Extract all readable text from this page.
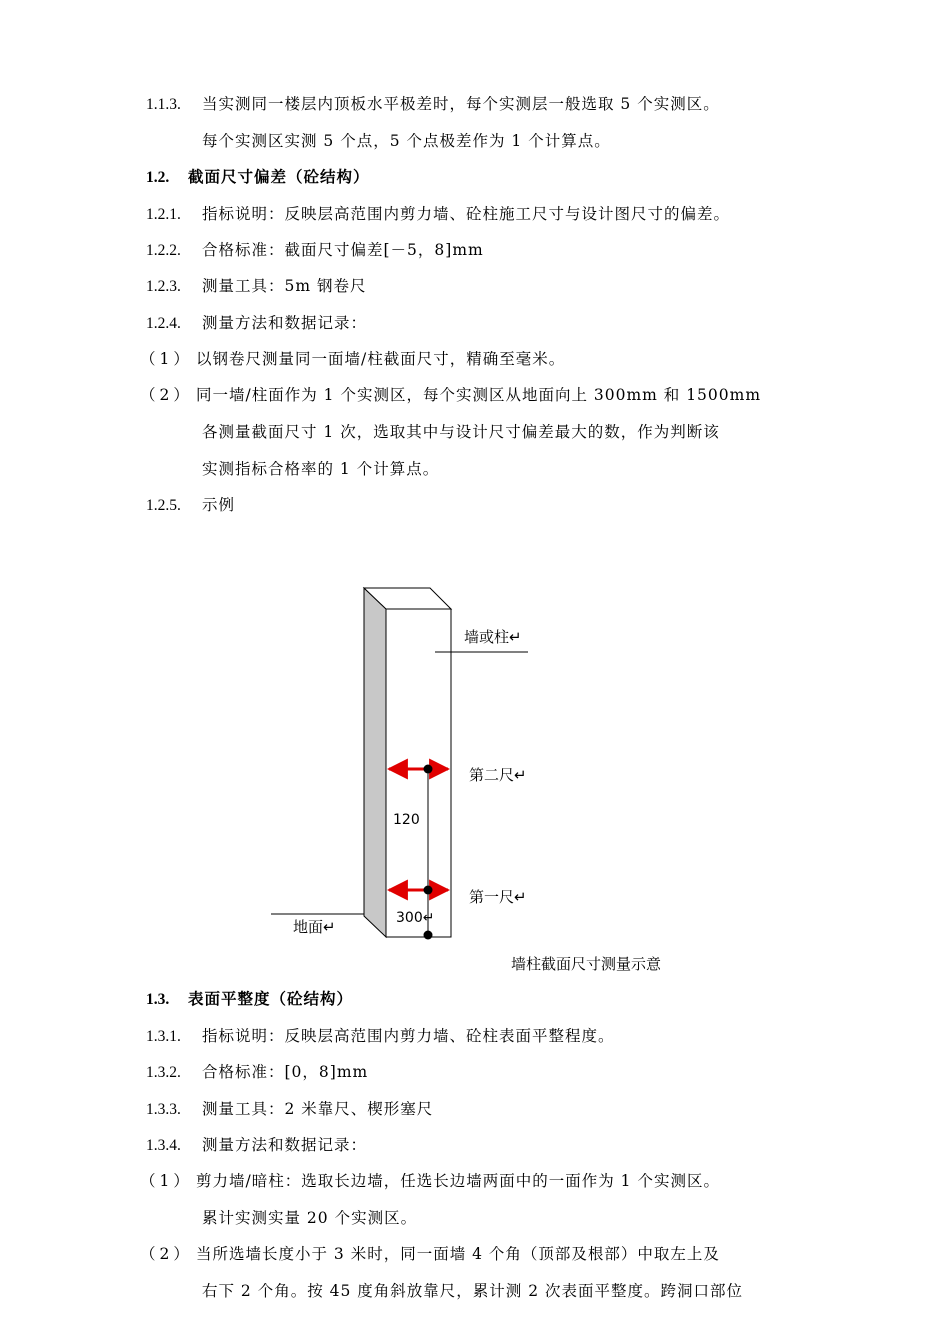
1.1.3. 当实测同一楼层内顶板水平极差时，每个实测层一般选取 5 个实测区。
每个实测区实测 5 个点，5 个点极差作为 1 个计算点。
1.2. 截面尺寸偏差（砼结构）
1.2.1. 指标说明：反映层高范围内剪力墙、砼柱施工尺寸与设计图尺寸的偏差。
1.2.2. 合格标准：截面尺寸偏差[－5，8]mm
1.2.3. 测量工具：5m 钢卷尺
1.2.4. 测量方法和数据记录：
（1） 以钢卷尺测量同一面墙/柱截面尺寸，精确至毫米。
（2） 同一墙/柱面作为 1 个实测区，每个实测区从地面向上 300mm 和 1500mm
各测量截面尺寸 1 次，选取其中与设计尺寸偏差最大的数，作为判断该
实测指标合格率的 1 个计算点。
1.2.5. 示例
墙或柱↵
第二尺↵
第一尺↵
地面↵
120
300↵
墙柱截面尺寸测量示意
1.3. 表面平整度（砼结构）
1.3.1. 指标说明：反映层高范围内剪力墙、砼柱表面平整程度。
1.3.2. 合格标准：[0，8]mm
1.3.3. 测量工具：2 米靠尺、楔形塞尺
1.3.4. 测量方法和数据记录：
（1） 剪力墙/暗柱：选取长边墙，任选长边墙两面中的一面作为 1 个实测区。
累计实测实量 20 个实测区。
（2） 当所选墙长度小于 3 米时，同一面墙 4 个角（顶部及根部）中取左上及
右下 2 个角。按 45 度角斜放靠尺，累计测 2 次表面平整度。跨洞口部位
